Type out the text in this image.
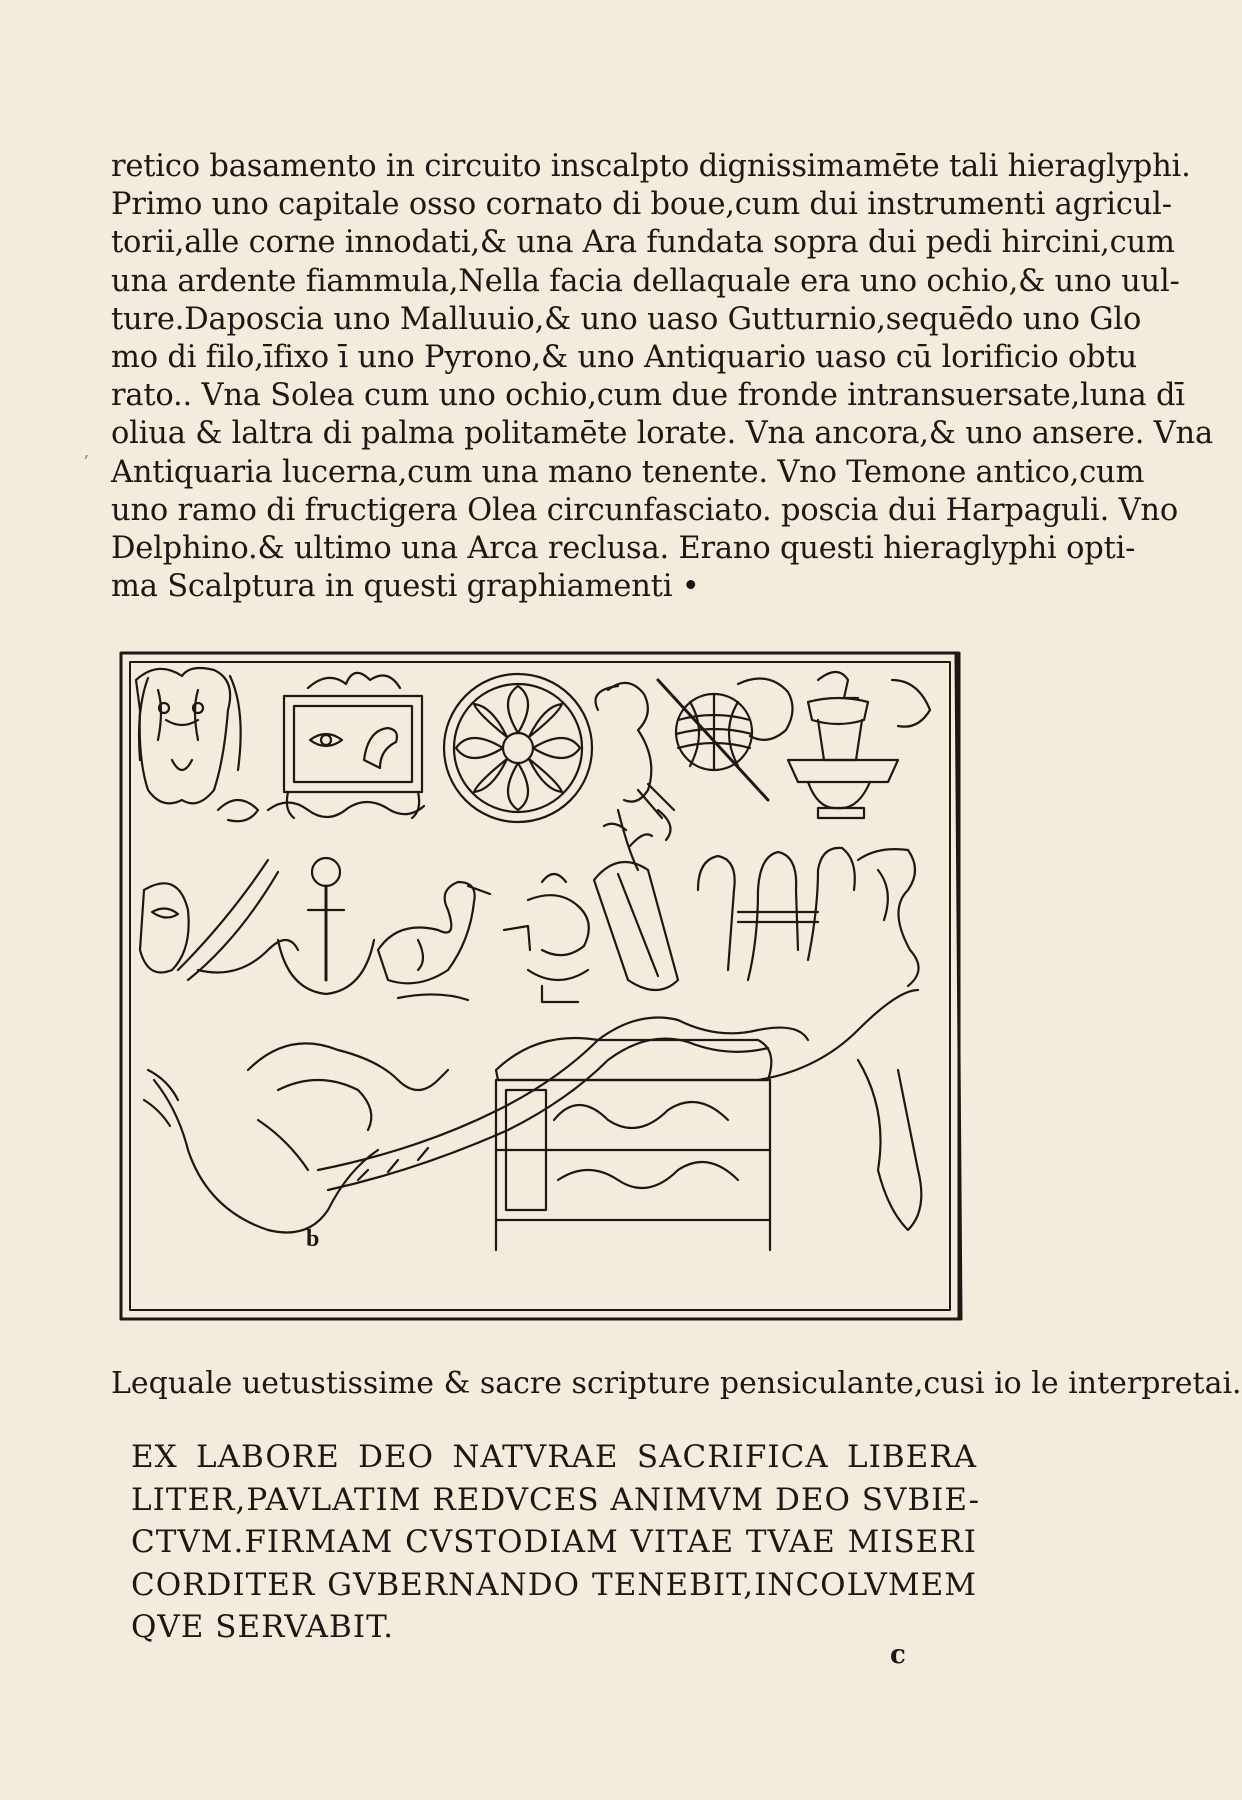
,
retico basamento in circuito inscalpto dignissimamēte tali hieraglyphi.
Primo uno capitale osso cornato di boue,cum dui instrumenti agricul-
torii,alle corne innodati,& una Ara fundata sopra dui pedi hircini,cum
una ardente fiammula,Nella facia dellaquale era uno ochio,& uno uul-
ture.Daposcia uno Malluuio,& uno uaso Gutturnio,sequēdo uno Glo
mo di filo,īfixo ī uno Pyrono,& uno Antiquario uaso cū lorificio obtu
rato.. Vna Solea cum uno ochio,cum due fronde intransuersate,luna dī
oliua & laltra di palma politamēte lorate. Vna ancora,& uno ansere. Vna
Antiquaria lucerna,cum una mano tenente. Vno Temone antico,cum
uno ramo di fructigera Olea circunfasciato. poscia dui Harpaguli. Vno
Delphino.& ultimo una Arca reclusa. Erano questi hieraglyphi opti-
ma Scalptura in questi graphiamenti •
b
Lequale uetustissime & sacre scripture pensiculante,cusi io le interpretai.
EX LABORE DEO NATVRAE SACRIFICA LIBERA
LITER,PAVLATIM REDVCES ANIMVM DEO SVBIE-
CTVM.FIRMAM CVSTODIAM VITAE TVAE MISERI
CORDITER GVBERNANDO TENEBIT,INCOLVMEM
QVE SERVABIT.
c
